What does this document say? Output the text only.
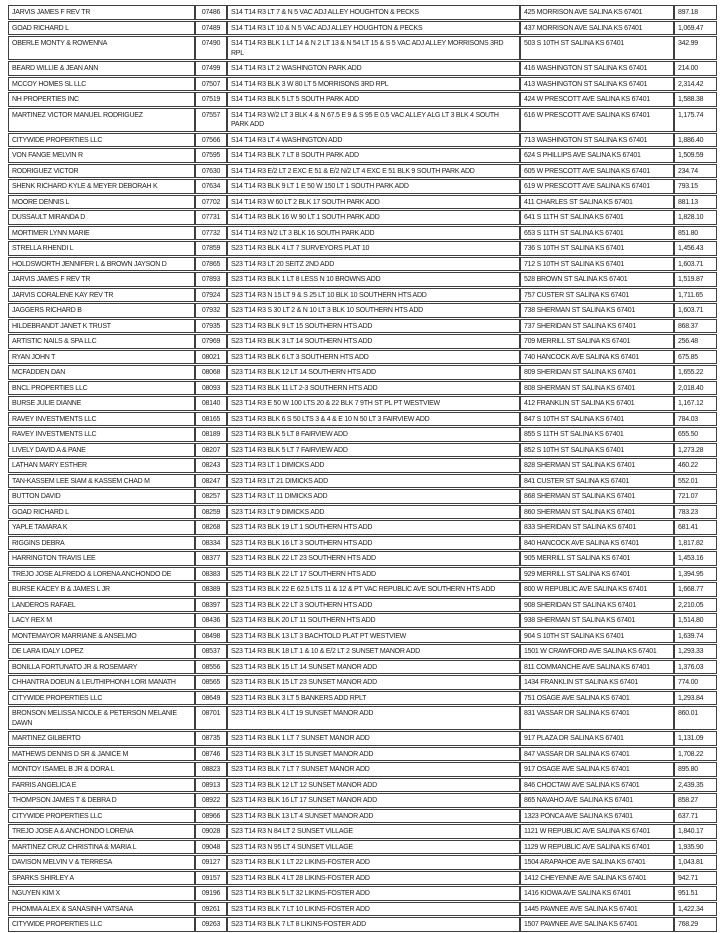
JARVIS JAMES F REV TR	07486	S14 T14 R3 LT 7 & N 5 VAC ADJ ALLEY HOUGHTON & PECKS	425 MORRISON AVE SALINA KS 67401	897.18
GOAD RICHARD L	07489	S14 T14 R3 LT 10 & N 5 VAC ADJ ALLEY HOUGHTON & PECKS	437 MORRISON AVE SALINA KS 67401	1,069.47
OBERLE MONTY & ROWENNA	07490	S14 T14 R3 BLK 1 LT 14 & N 2 LT 13 & N 54 LT 15 & S 5 VAC ADJ ALLEY MORRISONS 3RD RPL	503 S 10TH ST SALINA KS 67401	342.99
BEARD WILLIE & JEAN ANN	07499	S14 T14 R3 LT 2 WASHINGTON PARK ADD	416 WASHINGTON ST SALINA KS 67401	214.00
MCCOY HOMES SL LLC	07507	S14 T14 R3 BLK 3 W 80 LT 5 MORRISONS 3RD RPL	413 WASHINGTON ST SALINA KS 67401	2,314.42
NH PROPERTIES INC	07519	S14 T14 R3 BLK 5 LT 5 SOUTH PARK ADD	424 W PRESCOTT AVE SALINA KS 67401	1,588.38
MARTINEZ VICTOR MANUEL RODRIGUEZ	07557	S14 T14 R3 W/2 LT 3 BLK 4 & N 67.5 E 9 & S 95 E 0.5 VAC ALLEY ALG LT 3 BLK 4 SOUTH PARK ADD	616 W PRESCOTT AVE SALINA KS 67401	1,175.74
CITYWIDE PROPERTIES LLC	07566	S14 T14 R3 LT 4 WASHINGTON ADD	713 WASHINGTON ST SALINA KS 67401	1,886.40
VON FANGE MELVIN R	07595	S14 T14 R3 BLK 7 LT 8 SOUTH PARK ADD	624 S PHILLIPS AVE SALINA KS 67401	1,509.59
RODRIGUEZ VICTOR	07630	S14 T14 R3 E/2 LT 2 EXC E 51 & E/2 N/2 LT 4 EXC E 51 BLK 9 SOUTH PARK ADD	605 W PRESCOTT AVE SALINA KS 67401	234.74
SHENK RICHARD KYLE & MEYER DEBORAH K	07634	S14 T14 R3 BLK 9 LT 1 E 50 W 150 LT 1 SOUTH PARK ADD	619 W PRESCOTT AVE SALINA KS 67401	793.15
MOORE DENNIS L	07702	S14 T14 R3 W 60 LT 2 BLK 17 SOUTH PARK ADD	411 CHARLES ST SALINA KS 67401	881.13
DUSSAULT MIRANDA D	07731	S14 T14 R3 BLK 16 W 90 LT 1 SOUTH PARK ADD	641 S 11TH ST SALINA KS 67401	1,828.10
MORTIMER LYNN MARIE	07732	S14 T14 R3 N/2 LT 3 BLK 16 SOUTH PARK ADD	653 S 11TH ST SALINA KS 67401	851.80
STRELLA RHENDI L	07859	S23 T14 R3 BLK 4 LT 7 SURVEYORS PLAT 10	736 S 10TH ST SALINA KS 67401	1,456.43
HOLDSWORTH JENNIFER L & BROWN JAYSON D	07865	S23 T14 R3 LT 20 SEITZ 2ND ADD	712 S 10TH ST SALINA KS 67401	1,603.71
JARVIS JAMES F REV TR	07893	S23 T14 R3 BLK 1 LT 8 LESS N 10 BROWNS ADD	528 BROWN ST SALINA KS 67401	1,519.87
JARVIS CORALENE KAY REV TR	07924	S23 T14 R3 N 15 LT 9 & S 25 LT 10 BLK 10 SOUTHERN HTS ADD	757 CUSTER ST SALINA KS 67401	1,711.65
JAGGERS RICHARD B	07932	S23 T14 R3 S 30 LT 2 & N 10 LT 3 BLK 10 SOUTHERN HTS ADD	738 SHERMAN ST SALINA KS 67401	1,603.71
HILDEBRANDT JANET K TRUST	07935	S23 T14 R3 BLK 9 LT 15 SOUTHERN HTS ADD	737 SHERIDAN ST SALINA KS 67401	868.37
ARTISTIC NAILS & SPA LLC	07969	S23 T14 R3 BLK 3 LT 14 SOUTHERN HTS ADD	709 MERRILL ST SALINA KS 67401	256.48
RYAN JOHN T	08021	S23 T14 R3 BLK 6 LT 3 SOUTHERN HTS ADD	740 HANCOCK AVE SALINA KS 67401	675.85
MCFADDEN DAN	08068	S23 T14 R3 BLK 12 LT 14 SOUTHERN HTS ADD	809 SHERIDAN ST SALINA KS 67401	1,655.22
BNCL PROPERTIES LLC	08093	S23 T14 R3 BLK 11 LT 2-3 SOUTHERN HTS ADD	808 SHERMAN ST SALINA KS 67401	2,018.40
BURSE JULIE DIANNE	08140	S23 T14 R3 E 50 W 100 LTS 20 & 22 BLK 7 9TH ST PL PT WESTVIEW	412 FRANKLIN ST SALINA KS 67401	1,167.12
RAVEY INVESTMENTS LLC	08165	S23 T14 R3 BLK 6 S 50 LTS 3 & 4 & E 10 N 50 LT 3 FAIRVIEW ADD	847 S 10TH ST SALINA KS 67401	784.03
RAVEY INVESTMENTS LLC	08189	S23 T14 R3 BLK 5 LT 8 FAIRVIEW ADD	855 S 11TH ST SALINA KS 67401	655.50
LIVELY DAVID A & PANE	08207	S23 T14 R3 BLK 5 LT 7 FAIRVIEW ADD	852 S 10TH ST SALINA KS 67401	1,273.28
LATHAN MARY ESTHER	08243	S23 T14 R3 LT 1 DIMICKS ADD	828 SHERMAN ST SALINA KS 67401	460.22
TAN-KASSEM LEE SIAM & KASSEM CHAD M	08247	S23 T14 R3 LT 21 DIMICKS ADD	841 CUSTER ST SALINA KS 67401	552.01
BUTTON DAVID	08257	S23 T14 R3 LT 11 DIMICKS ADD	868 SHERMAN ST SALINA KS 67401	721.07
GOAD RICHARD L	08259	S23 T14 R3 LT 9 DIMICKS ADD	860 SHERMAN ST SALINA KS 67401	783.23
YAPLE TAMARA K	08268	S23 T14 R3 BLK 19 LT 1 SOUTHERN HTS ADD	833 SHERIDAN ST SALINA KS 67401	681.41
RIGGINS DEBRA	08334	S23 T14 R3 BLK 16 LT 3 SOUTHERN HTS ADD	840 HANCOCK AVE SALINA KS 67401	1,817.82
HARRINGTON TRAVIS LEE	08377	S23 T14 R3 BLK 22 LT 23 SOUTHERN HTS ADD	905 MERRILL ST SALINA KS 67401	1,453.16
TREJO JOSE ALFREDO & LORENA ANCHONDO DE	08383	S25 T14 R3 BLK 22 LT 17 SOUTHERN HTS ADD	929 MERRILL ST SALINA KS 67401	1,394.95
BURSE KACEY B & JAMES L JR	08389	S23 T14 R3 BLK 22 E 62.5 LTS 11 & 12 & PT VAC REPUBLIC AVE SOUTHERN HTS ADD	800 W REPUBLIC AVE SALINA KS 67401	1,668.77
LANDEROS RAFAEL	08397	S23 T14 R3 BLK 22 LT 3 SOUTHERN HTS ADD	908 SHERIDAN ST SALINA KS 67401	2,210.05
LACY REX M	08436	S23 T14 R3 BLK 20 LT 11 SOUTHERN HTS ADD	938 SHERMAN ST SALINA KS 67401	1,514.80
MONTEMAYOR MARRIANE & ANSELMO	08498	S23 T14 R3 BLK 13 LT 3 BACHTOLD PLAT PT WESTVIEW	904 S 10TH ST SALINA KS 67401	1,639.74
DE LARA IDALY LOPEZ	08537	S23 T14 R3 BLK 18 LT 1 & 10 & E/2 LT 2 SUNSET MANOR ADD	1501 W CRAWFORD AVE SALINA KS 67401	1,293.33
BONILLA FORTUNATO JR & ROSEMARY	08556	S23 T14 R3 BLK 15 LT 14 SUNSET MANOR ADD	811 COMMANCHE AVE SALINA KS 67401	1,376.03
CHHANTRA DOEUN & LEUTHIPHONH LORI MANATH	08565	S23 T14 R3 BLK 15 LT 23 SUNSET MANOR ADD	1434 FRANKLIN ST SALINA KS 67401	774.00
CITYWIDE PROPERTIES LLC	08649	S23 T14 R3 BLK 3 LT 5 BANKERS ADD RPLT	751 OSAGE AVE SALINA KS 67401	1,293.84
BRONSON MELISSA NICOLE & PETERSON MELANIE DAWN	08701	S23 T14 R3 BLK 4 LT 19 SUNSET MANOR ADD	831 VASSAR DR SALINA KS 67401	860.01
MARTINEZ GILBERTO	08735	S23 T14 R3 BLK 1 LT 7 SUNSET MANOR ADD	917 PLAZA DR SALINA KS 67401	1,131.09
MATHEWS DENNIS D SR & JANICE M	08746	S23 T14 R3 BLK 3 LT 15 SUNSET MANOR ADD	847 VASSAR DR SALINA KS 67401	1,708.22
MONTOY ISAMEL B JR & DORA L	08823	S23 T14 R3 BLK 7 LT 7 SUNSET MANOR ADD	917 OSAGE AVE SALINA KS 67401	895.80
FARRIS ANGELICA E	08913	S23 T14 R3 BLK 12 LT 12 SUNSET MANOR ADD	846 CHOCTAW AVE SALINA KS 67401	2,439.35
THOMPSON JAMES T & DEBRA D	08922	S23 T14 R3 BLK 16 LT 17 SUNSET MANOR ADD	865 NAVAHO AVE SALINA KS 67401	858.27
CITYWIDE PROPERTIES LLC	08966	S23 T14 R3 BLK 13 LT 4 SUNSET MANOR ADD	1323 PONCA AVE SALINA KS 67401	637.71
TREJO JOSE A & ANCHONDO LORENA	09028	S23 T14 R3 N 84 LT 2 SUNSET VILLAGE	1121 W REPUBLIC AVE SALINA KS 67401	1,840.17
MARTINEZ CRUZ CHRISTINA & MARIA L	09048	S23 T14 R3 N 95 LT 4 SUNSET VILLAGE	1129 W REPUBLIC AVE SALINA KS 67401	1,935.90
DAVISON MELVIN V & TERRESA	09127	S23 T14 R3 BLK 1 LT 22 LIKINS-FOSTER ADD	1504 ARAPAHOE AVE SALINA KS 67401	1,043.81
SPARKS SHIRLEY A	09157	S23 T14 R3 BLK 4 LT 28 LIKINS-FOSTER ADD	1412 CHEYENNE AVE SALINA KS 67401	942.71
NGUYEN KIM X	09196	S23 T14 R3 BLK 5 LT 32 LIKINS-FOSTER ADD	1416 KIOWA AVE SALINA KS 67401	951.51
PHOMMA ALEX & SANASINH VATSANA	09261	S23 T14 R3 BLK 7 LT 10 LIKINS-FOSTER ADD	1445 PAWNEE AVE SALINA KS 67401	1,422.34
CITYWIDE PROPERTIES LLC	09263	S23 T14 R3 BLK 7 LT 8 LIKINS-FOSTER ADD	1507 PAWNEE AVE SALINA KS 67401	768.29
